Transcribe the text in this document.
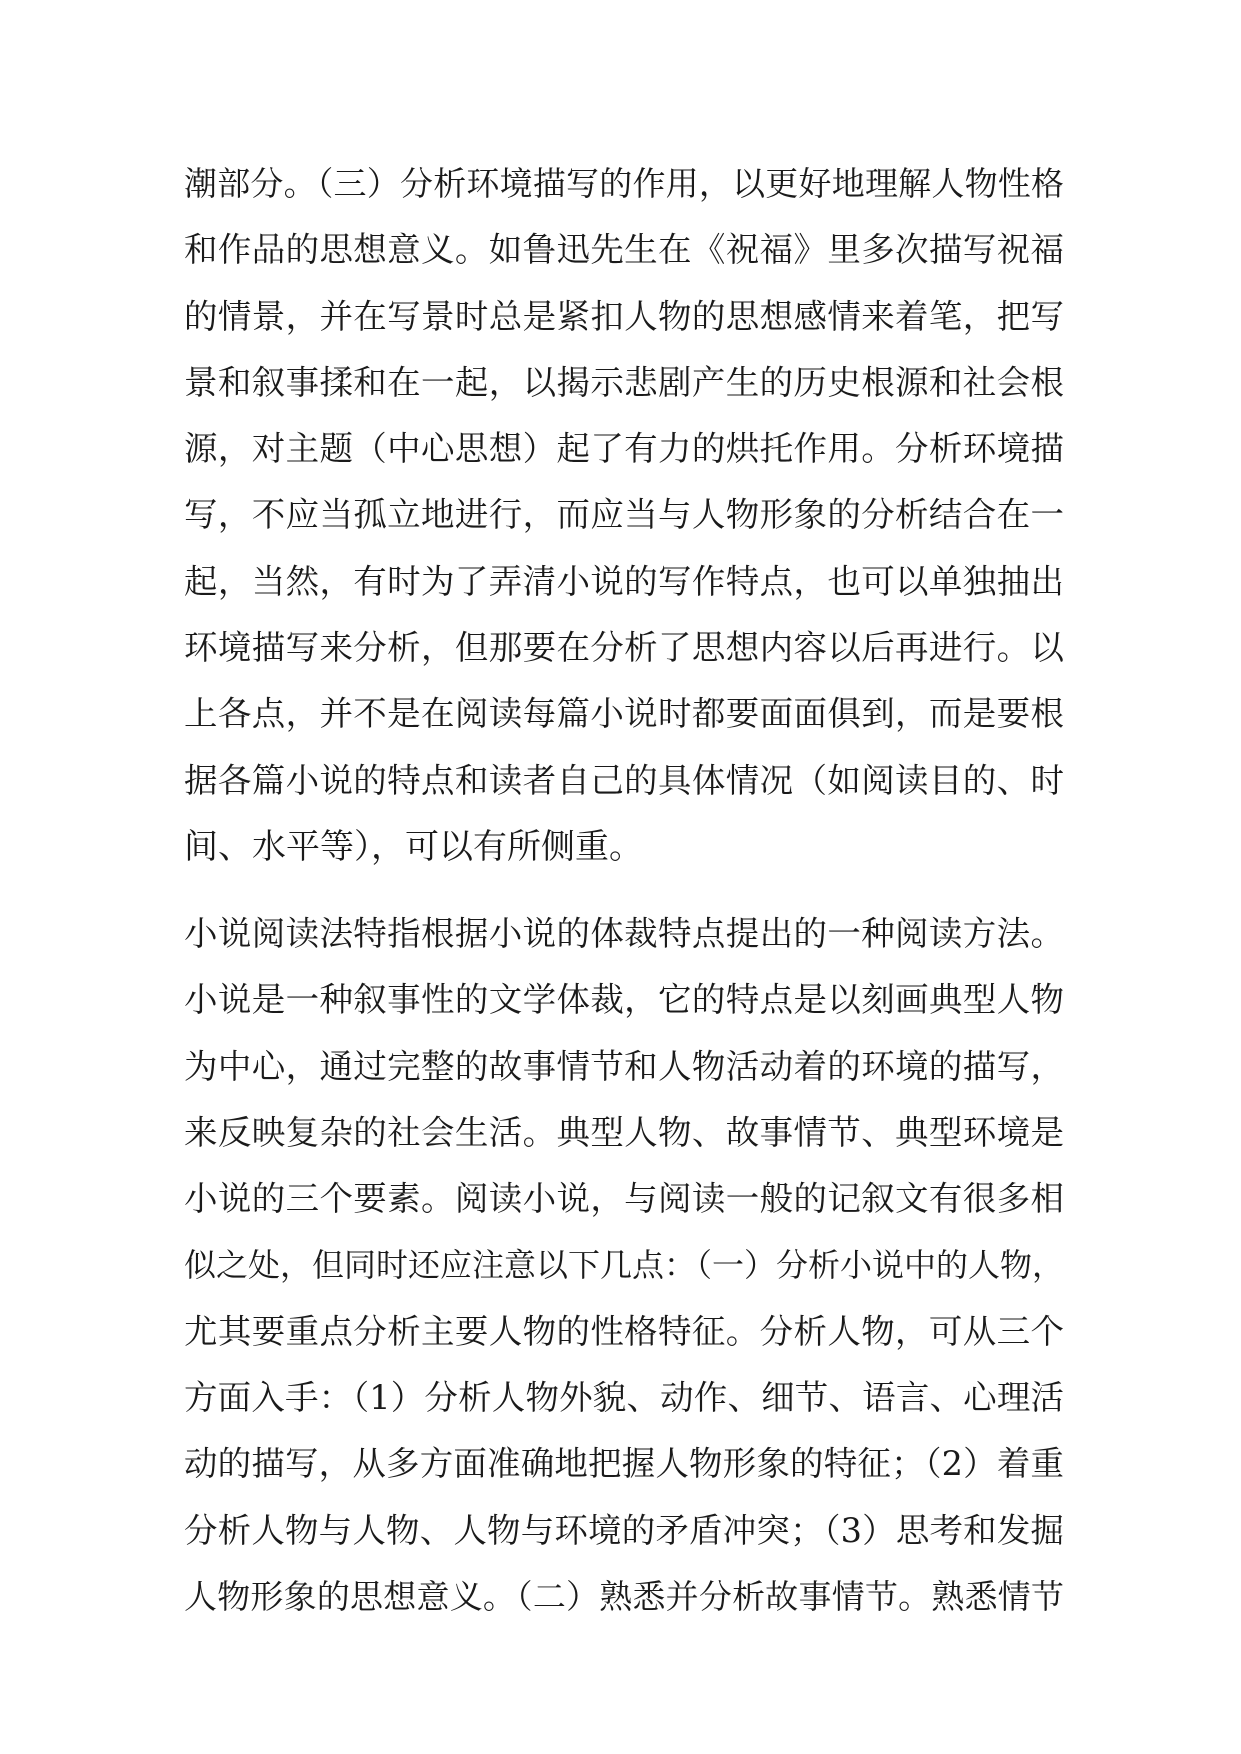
潮部分。（三）分析环境描写的作用，以更好地理解人物性格
和作品的思想意义。如鲁迅先生在《祝福》里多次描写祝福
的情景，并在写景时总是紧扣人物的思想感情来着笔，把写
景和叙事揉和在一起，以揭示悲剧产生的历史根源和社会根
源，对主题（中心思想）起了有力的烘托作用。分析环境描
写，不应当孤立地进行，而应当与人物形象的分析结合在一
起，当然，有时为了弄清小说的写作特点，也可以单独抽出
环境描写来分析，但那要在分析了思想内容以后再进行。以
上各点，并不是在阅读每篇小说时都要面面俱到，而是要根
据各篇小说的特点和读者自己的具体情况（如阅读目的、时
间、水平等），可以有所侧重。
小说阅读法特指根据小说的体裁特点提出的一种阅读方法。
小说是一种叙事性的文学体裁，它的特点是以刻画典型人物
为中心，通过完整的故事情节和人物活动着的环境的描写，
来反映复杂的社会生活。典型人物、故事情节、典型环境是
小说的三个要素。阅读小说，与阅读一般的记叙文有很多相
似之处，但同时还应注意以下几点：（一）分析小说中的人物，
尤其要重点分析主要人物的性格特征。分析人物，可从三个
方面入手：（1）分析人物外貌、动作、细节、语言、心理活
动的描写，从多方面准确地把握人物形象的特征；（2）着重
分析人物与人物、人物与环境的矛盾冲突；（3）思考和发掘
人物形象的思想意义。（二）熟悉并分析故事情节。熟悉情节
